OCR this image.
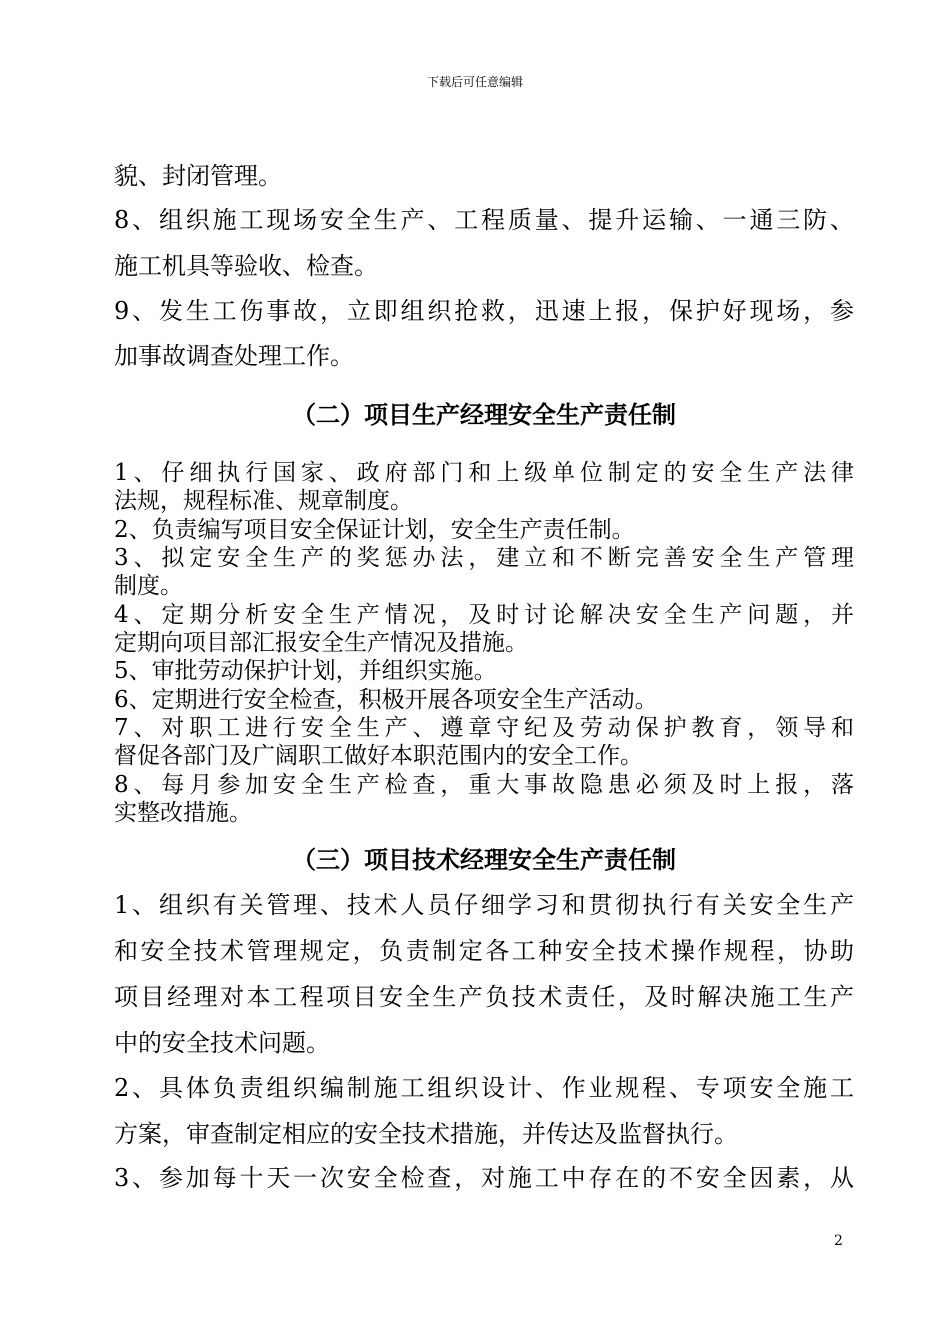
下载后可任意编辑
貌、封闭管理。
8、组织施工现场安全生产、工程质量、提升运输、一通三防、
施工机具等验收、检查。
9、发生工伤事故，立即组织抢救，迅速上报，保护好现场，参
加事故调查处理工作。
（二）项目生产经理安全生产责任制
1、仔细执行国家、政府部门和上级单位制定的安全生产法律
法规，规程标准、规章制度。
2、负责编写项目安全保证计划，安全生产责任制。
3、拟定安全生产的奖惩办法，建立和不断完善安全生产管理
制度。
4、定期分析安全生产情况，及时讨论解决安全生产问题，并
定期向项目部汇报安全生产情况及措施。
5、审批劳动保护计划，并组织实施。
6、定期进行安全检查，积极开展各项安全生产活动。
7、对职工进行安全生产、遵章守纪及劳动保护教育，领导和
督促各部门及广阔职工做好本职范围内的安全工作。
8、每月参加安全生产检查，重大事故隐患必须及时上报，落
实整改措施。
（三）项目技术经理安全生产责任制
1、组织有关管理、技术人员仔细学习和贯彻执行有关安全生产
和安全技术管理规定，负责制定各工种安全技术操作规程，协助
项目经理对本工程项目安全生产负技术责任，及时解决施工生产
中的安全技术问题。
2、具体负责组织编制施工组织设计、作业规程、专项安全施工
方案，审查制定相应的安全技术措施，并传达及监督执行。
3、参加每十天一次安全检查，对施工中存在的不安全因素，从
2
